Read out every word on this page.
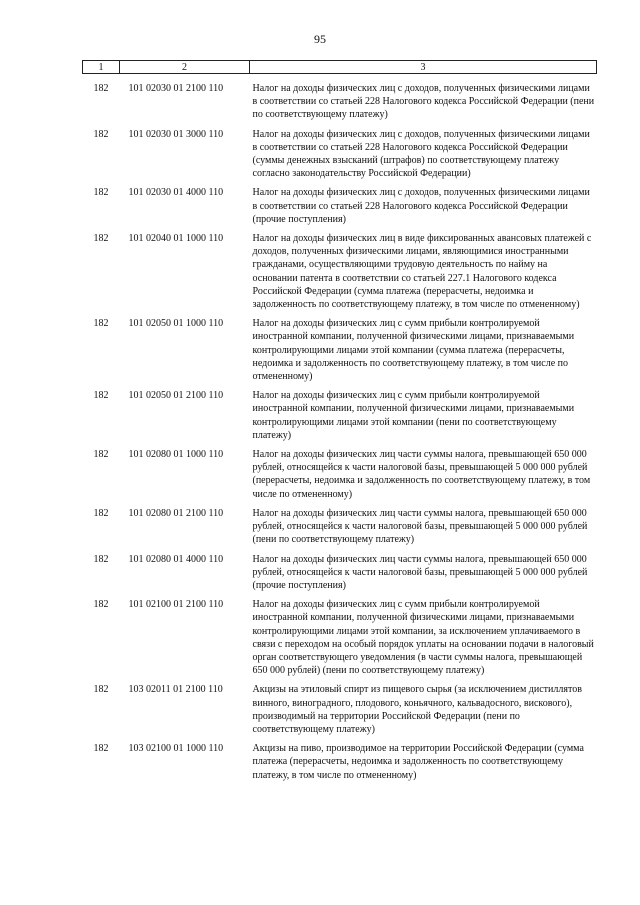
95
1	2	3
182	101 02030 01 2100 110	Налог на доходы физических лиц с доходов, полученных физическими лицами в соответствии со статьей 228 Налогового кодекса Российской Федерации (пени по соответствующему платежу)
182	101 02030 01 3000 110	Налог на доходы физических лиц с доходов, полученных физическими лицами в соответствии со статьей 228 Налогового кодекса Российской Федерации (суммы денежных взысканий (штрафов) по соответствующему платежу согласно законодательству Российской Федерации)
182	101 02030 01 4000 110	Налог на доходы физических лиц с доходов, полученных физическими лицами в соответствии со статьей 228 Налогового кодекса Российской Федерации (прочие поступления)
182	101 02040 01 1000 110	Налог на доходы физических лиц в виде фиксированных авансовых платежей с доходов, полученных физическими лицами, являющимися иностранными гражданами, осуществляющими трудовую деятельность по найму на основании патента в соответствии со статьей 227.1 Налогового кодекса Российской Федерации (сумма платежа (перерасчеты, недоимка и задолженность по соответствующему платежу, в том числе по отмененному)
182	101 02050 01 1000 110	Налог на доходы физических лиц с сумм прибыли контролируемой иностранной компании, полученной физическими лицами, признаваемыми контролирующими лицами этой компании (сумма платежа (перерасчеты, недоимка и задолженность по соответствующему платежу, в том числе по отмененному)
182	101 02050 01 2100 110	Налог на доходы физических лиц с сумм прибыли контролируемой иностранной компании, полученной физическими лицами, признаваемыми контролирующими лицами этой компании (пени по соответствующему платежу)
182	101 02080 01 1000 110	Налог на доходы физических лиц части суммы налога, превышающей 650 000 рублей, относящейся к части налоговой базы, превышающей 5 000 000 рублей (перерасчеты, недоимка и задолженность по соответствующему платежу, в том числе по отмененному)
182	101 02080 01 2100 110	Налог на доходы физических лиц части суммы налога, превышающей 650 000 рублей, относящейся к части налоговой базы, превышающей 5 000 000 рублей (пени по соответствующему платежу)
182	101 02080 01 4000 110	Налог на доходы физических лиц части суммы налога, превышающей 650 000 рублей, относящейся к части налоговой базы, превышающей 5 000 000 рублей (прочие поступления)
182	101 02100 01 2100 110	Налог на доходы физических лиц с сумм прибыли контролируемой иностранной компании, полученной физическими лицами, признаваемыми контролирующими лицами этой компании, за исключением уплачиваемого в связи с переходом на особый порядок уплаты на основании подачи в налоговый орган соответствующего уведомления (в части суммы налога, превышающей 650 000 рублей) (пени по соответствующему платежу)
182	103 02011 01 2100 110	Акцизы на этиловый спирт из пищевого сырья (за исключением дистиллятов винного, виноградного, плодового, коньячного, кальвадосного, вискового), производимый на территории Российской Федерации (пени по соответствующему платежу)
182	103 02100 01 1000 110	Акцизы на пиво, производимое на территории Российской Федерации (сумма платежа (перерасчеты, недоимка и задолженность по соответствующему платежу, в том числе по отмененному)
